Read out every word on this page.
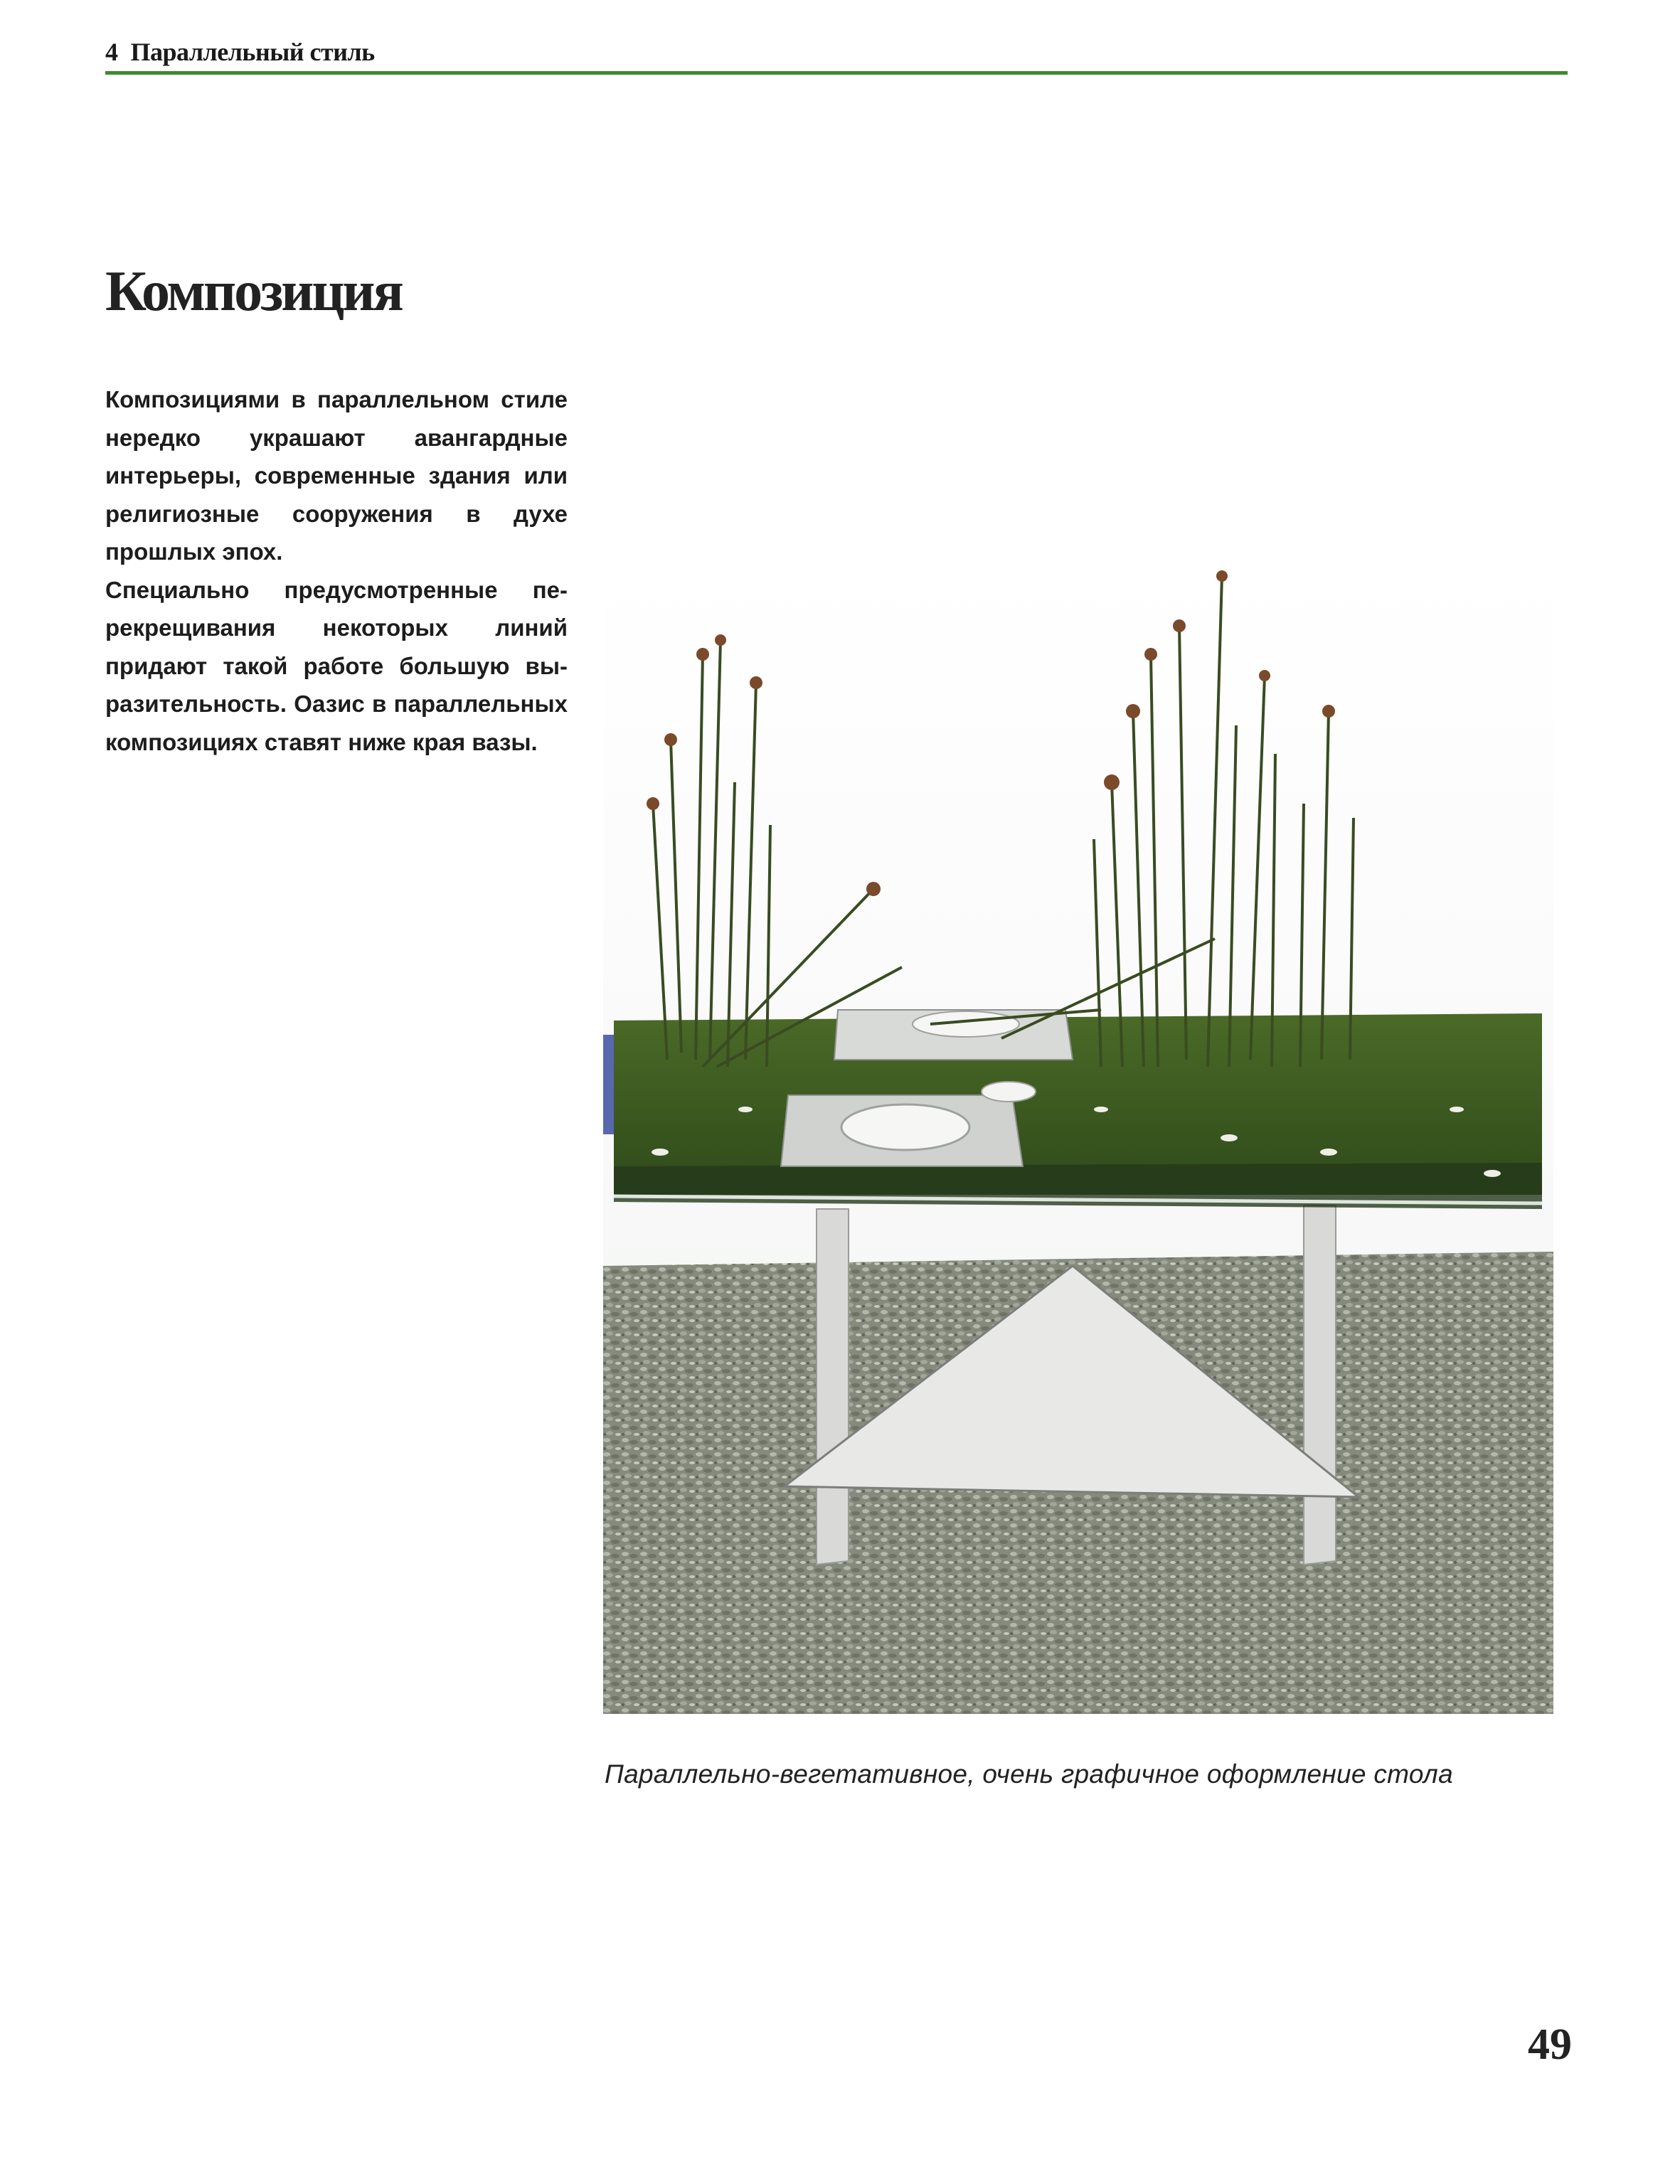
4 Параллельный стиль
Композиция

Композициями в параллельном стиле нередко украшают авангардные интерьеры, современные здания или религиозные сооружения в духе прошлых эпох.

Специально предусмотренные перекрещивания некоторых линий придают такой работе большую выразительность. Оазис в параллельных композициях ставят ниже края вазы.

Параллельно-вегетативное, очень графичное оформление стола
49
